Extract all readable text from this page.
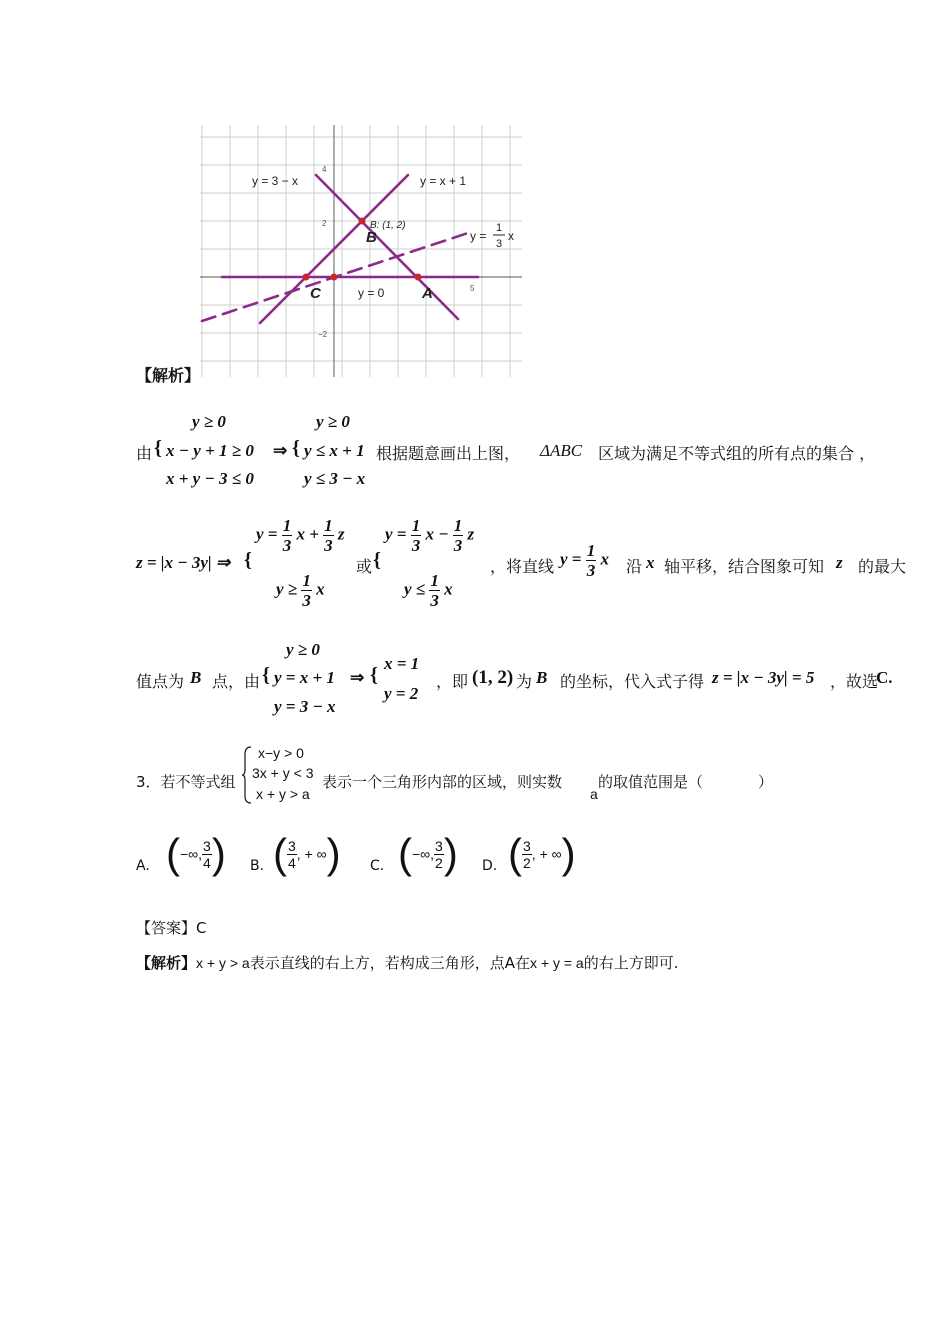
4
2
−2
5
y = 3 − x	y = x + 1
y = 0
y =
1
3
x
B: (1, 2)
B
C	A
【解析】
y ≥ 0	y ≥ 0
由 { x − y + 1 ≥ 0 ⇒ { y ≤ x + 1 根据题意画出上图， ΔABC 区域为满足不等式组的所有点的集合 ，
x + y − 3 ≤ 0	y ≤ 3 − x
z = |x − 3y| ⇒ {
$y = \frac{1}{3}$ $x + \frac{1}{3}$ z
$y \ge \frac{1}{3}$ x
或 {
$y = \frac{1}{3}$ $x - \frac{1}{3}$ z
$y \le \frac{1}{3}$ x
，将直线 $y = \frac{1}{3}$ x 沿 x 轴平移，结合图象可知 z 的最大
y ≥ 0
值点为 B 点，由 { y = x + 1 ⇒ {
x = 1
y = 2
，即 (1, 2) 为 B 的坐标，代入式子得 z = |x − 3y| = 5 ，故选
C.
y = 3 − x
3．若不等式组
x−y > 0
3x + y < 3
x + y > a
表示一个三角形内部的区域，则实数
a
的取值范围是（	）
A. (−∞, $\frac{3}{4}$ ) B. ( $\frac{3}{4}$ , + ∞) C. (−∞, $\frac{3}{2}$ ) D. ( $\frac{3}{2}$ , + ∞)
【答案】C
【解析】x + y > a表示直线的右上方，若构成三角形，点A在x + y = a的右上方即可.
